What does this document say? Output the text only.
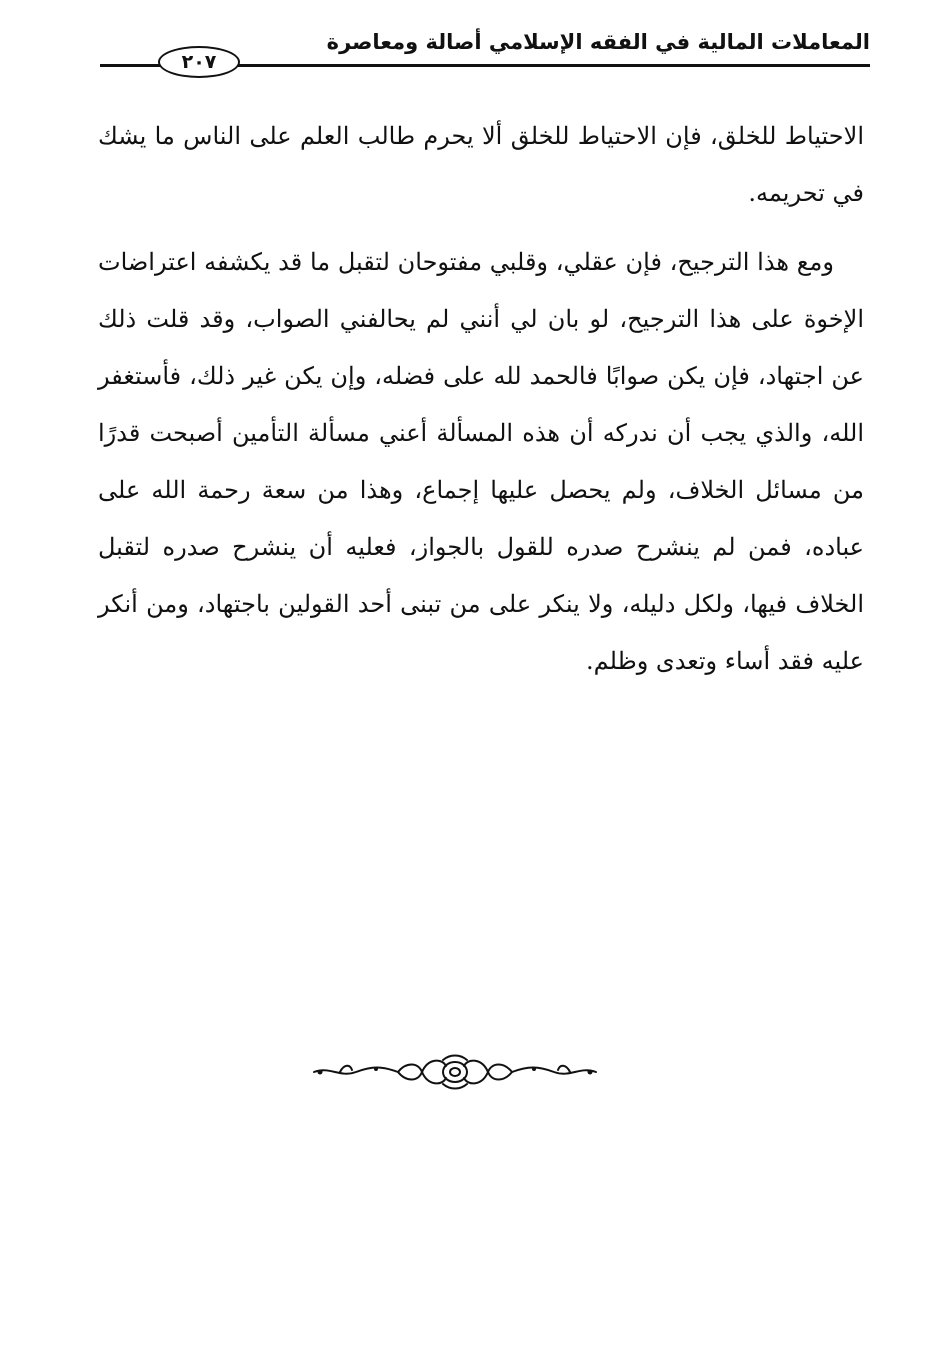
المعاملات المالية في الفقه الإسلامي أصالة ومعاصرة
٢٠٧

الاحتياط للخلق، فإن الاحتياط للخلق ألا يحرم طالب العلم على الناس ما يشك في تحريمه.

ومع هذا الترجيح، فإن عقلي، وقلبي مفتوحان لتقبل ما قد يكشفه اعتراضات الإخوة على هذا الترجيح، لو بان لي أنني لم يحالفني الصواب، وقد قلت ذلك عن اجتهاد، فإن يكن صوابًا فالحمد لله على فضله، وإن يكن غير ذلك، فأستغفر الله، والذي يجب أن ندركه أن هذه المسألة أعني مسألة التأمين أصبحت قدرًا من مسائل الخلاف، ولم يحصل عليها إجماع، وهذا من سعة رحمة الله على عباده، فمن لم ينشرح صدره للقول بالجواز، فعليه أن ينشرح صدره لتقبل الخلاف فيها، ولكل دليله، ولا ينكر على من تبنى أحد القولين باجتهاد، ومن أنكر عليه فقد أساء وتعدى وظلم.
